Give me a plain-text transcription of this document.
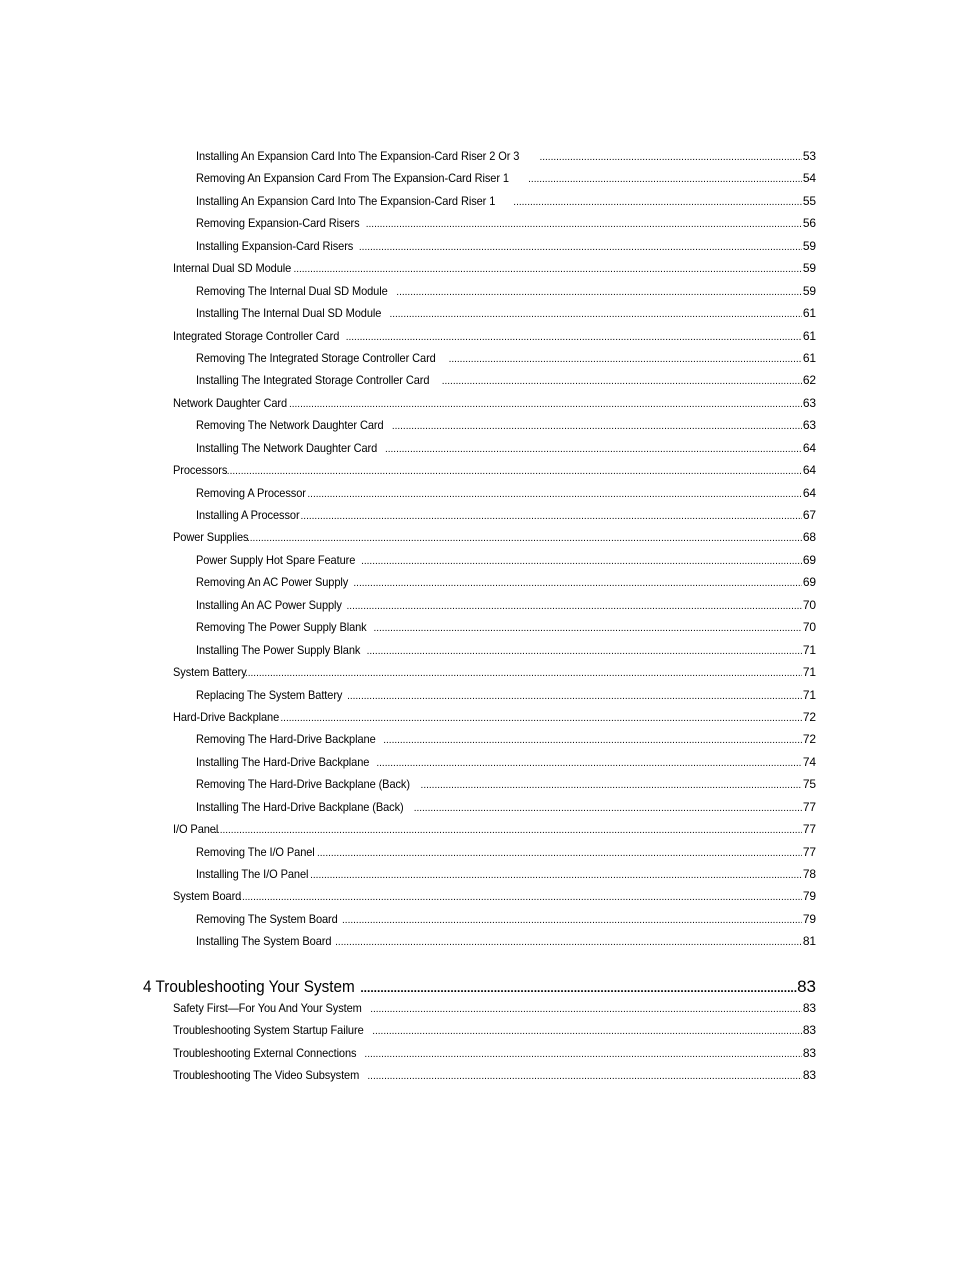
Installing An Expansion Card Into The Expansion-Card Riser 2 Or 3 .....	53
Removing An Expansion Card From The Expansion-Card Riser 1 .....	54
Installing An Expansion Card Into The Expansion-Card Riser 1 .....	55
Removing Expansion-Card Risers .....	56
Installing Expansion-Card Risers .....	59
Internal Dual SD Module .....	59
Removing The Internal Dual SD Module .....	59
Installing The Internal Dual SD Module .....	61
Integrated Storage Controller Card .....	61
Removing The Integrated Storage Controller Card .....	61
Installing The Integrated Storage Controller Card .....	62
Network Daughter Card .....	63
Removing The Network Daughter Card .....	63
Installing The Network Daughter Card .....	64
Processors .....	64
Removing A Processor .....	64
Installing A Processor .....	67
Power Supplies .....	68
Power Supply Hot Spare Feature .....	69
Removing An AC Power Supply .....	69
Installing An AC Power Supply .....	70
Removing The Power Supply Blank .....	70
Installing The Power Supply Blank .....	71
System Battery .....	71
Replacing The System Battery .....	71
Hard-Drive Backplane .....	72
Removing The Hard-Drive Backplane .....	72
Installing The Hard-Drive Backplane .....	74
Removing The Hard-Drive Backplane (Back) .....	75
Installing The Hard-Drive Backplane (Back) .....	77
I/O Panel .....	77
Removing The I/O Panel .....	77
Installing The I/O Panel .....	78
System Board .....	79
Removing The System Board .....	79
Installing The System Board .....	81
4 Troubleshooting Your System .....	83
Safety First—For You And Your System .....	83
Troubleshooting System Startup Failure .....	83
Troubleshooting External Connections .....	83
Troubleshooting The Video Subsystem .....	83
